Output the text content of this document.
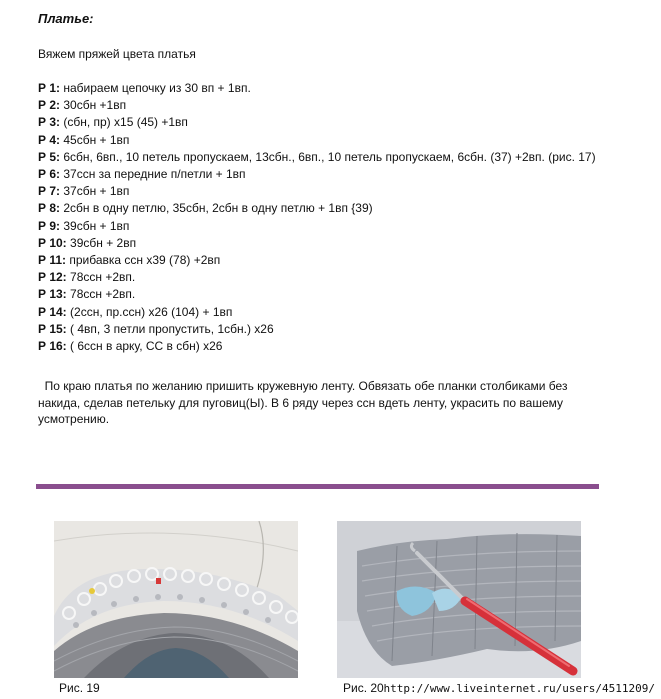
Платье:
Вяжем пряжей цвета платья
Р 1: набираем цепочку из 30 вп + 1вп.
Р 2: 30сбн +1вп
Р 3: (сбн, пр) х15 (45) +1вп
Р 4: 45сбн + 1вп
Р 5: 6сбн, 6вп., 10 петель пропускаем, 13сбн., 6вп., 10 петель пропускаем, 6сбн. (37) +2вп. (рис. 17)
Р 6: 37ссн за передние п/петли + 1вп
Р 7: 37сбн + 1вп
Р 8: 2сбн в одну петлю, 35сбн, 2сбн в одну петлю + 1вп {39)
Р 9: 39сбн + 1вп
Р 10: 39сбн + 2вп
Р 11: прибавка ссн х39 (78) +2вп
Р 12: 78ссн +2вп.
Р 13: 78ссн +2вп.
Р 14: (2ссн, пр.ссн) х26 (104) + 1вп
Р 15: ( 4вп, 3 петли пропустить, 1сбн.) х26
Р 16: ( 6ссн в арку, СС в сбн) х26
По краю платья по желанию пришить кружевную ленту. Обвязать обе планки столбиками без накида, сделав петельку для пуговиц(Ы). В 6 ряду через ссн вдеть ленту, украсить по вашему усмотрению.
Рис. 19	Рис. 20 http://www.liveinternet.ru/users/4511209/
